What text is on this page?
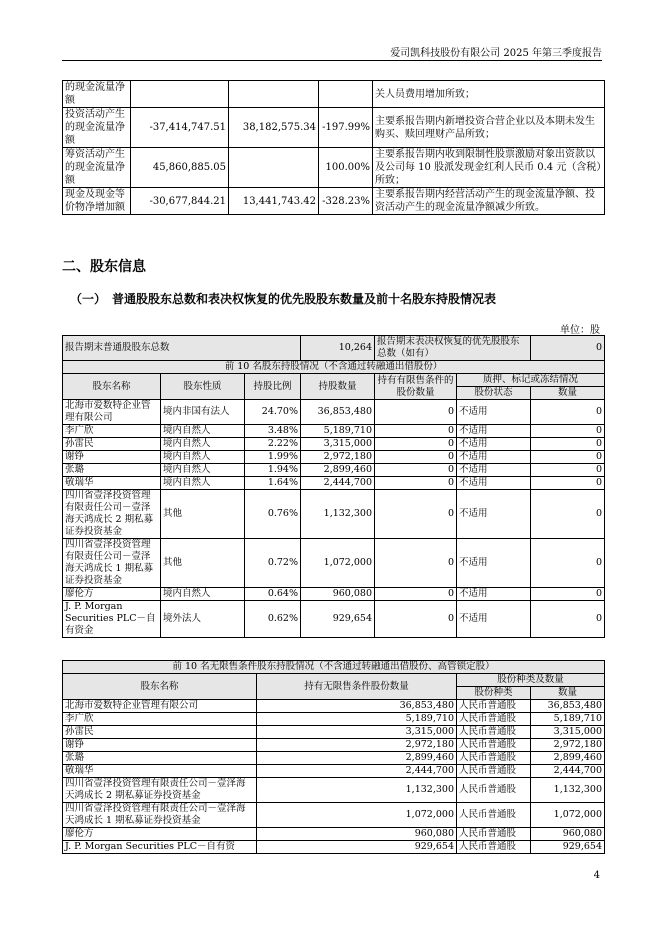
爱司凯科技股份有限公司 2025 年第三季度报告
的现金流量净额				关人员费用增加所致；
投资活动产生的现金流量净额	-37,414,747.51	38,182,575.34	-197.99%	主要系报告期内新增投资合营企业以及本期未发生购买、赎回理财产品所致；
筹资活动产生的现金流量净额	45,860,885.05		100.00%	主要系报告期内收到限制性股票激励对象出资款以及公司每 10 股派发现金红利人民币 0.4 元（含税）所致；
现金及现金等价物净增加额	-30,677,844.21	13,441,743.42	-328.23%	主要系报告期内经营活动产生的现金流量净额、投资活动产生的现金流量净额减少所致。
二、股东信息
（一）　普通股股东总数和表决权恢复的优先股股东数量及前十名股东持股情况表
单位：股
报告期末普通股股东总数			10,264	报告期末表决权恢复的优先股股东总数（如有）		0
前 10 名股东持股情况（不含通过转融通出借股份）						
股东名称	股东性质	持股比例	持股数量	持有有限售条件的股份数量	质押、标记或冻结情况	
					股份状态	数量
北海市爱数特企业管理有限公司	境内非国有法人	24.70%	36,853,480	0	不适用	0
李广欣	境内自然人	3.48%	5,189,710	0	不适用	0
孙雷民	境内自然人	2.22%	3,315,000	0	不适用	0
谢铮	境内自然人	1.99%	2,972,180	0	不适用	0
张璐	境内自然人	1.94%	2,899,460	0	不适用	0
敬瑞华	境内自然人	1.64%	2,444,700	0	不适用	0
四川省壹泽投资管理有限责任公司－壹泽海天鸿成长 2 期私募证券投资基金	其他	0.76%	1,132,300	0	不适用	0
四川省壹泽投资管理有限责任公司－壹泽海天鸿成长 1 期私募证券投资基金	其他	0.72%	1,072,000	0	不适用	0
廖伦方	境内自然人	0.64%	960,080	0	不适用	0
J. P. Morgan Securities PLC－自有资金	境外法人	0.62%	929,654	0	不适用	0
前 10 名无限售条件股东持股情况（不含通过转融通出借股份、高管锁定股）			
股东名称	持有无限售条件股份数量	股份种类及数量	
		股份种类	数量
北海市爱数特企业管理有限公司	36,853,480	人民币普通股	36,853,480
李广欣	5,189,710	人民币普通股	5,189,710
孙雷民	3,315,000	人民币普通股	3,315,000
谢铮	2,972,180	人民币普通股	2,972,180
张璐	2,899,460	人民币普通股	2,899,460
敬瑞华	2,444,700	人民币普通股	2,444,700
四川省壹泽投资管理有限责任公司－壹泽海天鸿成长 2 期私募证券投资基金	1,132,300	人民币普通股	1,132,300
四川省壹泽投资管理有限责任公司－壹泽海天鸿成长 1 期私募证券投资基金	1,072,000	人民币普通股	1,072,000
廖伦方	960,080	人民币普通股	960,080
J. P. Morgan Securities PLC－自有资	929,654	人民币普通股	929,654
4
